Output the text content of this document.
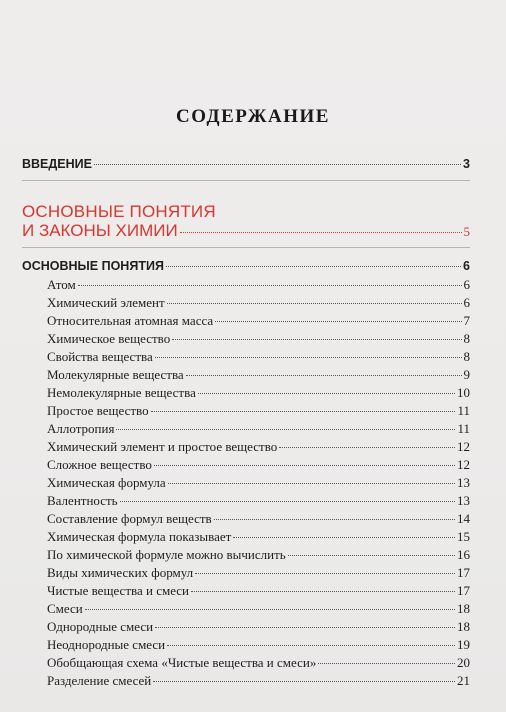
СОДЕРЖАНИЕ
ВВЕДЕНИЕ	3
ОСНОВНЫЕ ПОНЯТИЯ
И ЗАКОНЫ ХИМИИ	5
ОСНОВНЫЕ ПОНЯТИЯ	6
Атом	6
Химический элемент	6
Относительная атомная масса	7
Химическое вещество	8
Свойства вещества	8
Молекулярные вещества	9
Немолекулярные вещества	10
Простое вещество	11
Аллотропия	11
Химический элемент и простое вещество	12
Сложное вещество	12
Химическая формула	13
Валентность	13
Составление формул веществ	14
Химическая формула показывает	15
По химической формуле можно вычислить	16
Виды химических формул	17
Чистые вещества и смеси	17
Смеси	18
Однородные смеси	18
Неоднородные смеси	19
Обобщающая схема «Чистые вещества и смеси»	20
Разделение смесей	21
